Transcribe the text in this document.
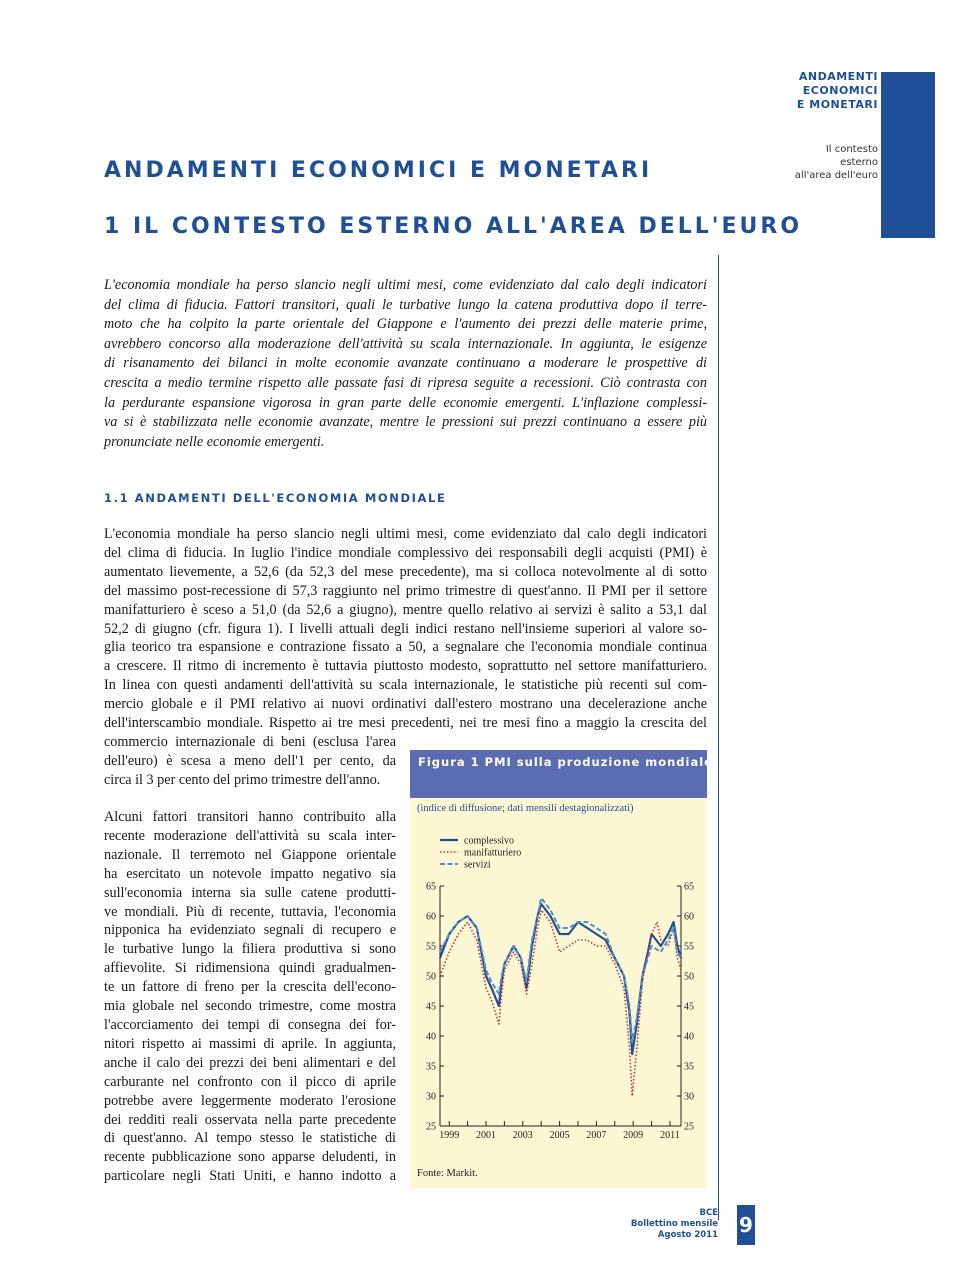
ANDAMENTI
ECONOMICI
E MONETARI
Il contesto
esterno
all'area dell'euro
ANDAMENTI ECONOMICI E MONETARI
1 IL CONTESTO ESTERNO ALL'AREA DELL'EURO
L'economia mondiale ha perso slancio negli ultimi mesi, come evidenziato dal calo degli indicatori
del clima di fiducia. Fattori transitori, quali le turbative lungo la catena produttiva dopo il terre-
moto che ha colpito la parte orientale del Giappone e l'aumento dei prezzi delle materie prime,
avrebbero concorso alla moderazione dell'attività su scala internazionale. In aggiunta, le esigenze
di risanamento dei bilanci in molte economie avanzate continuano a moderare le prospettive di
crescita a medio termine rispetto alle passate fasi di ripresa seguite a recessioni. Ciò contrasta con
la perdurante espansione vigorosa in gran parte delle economie emergenti. L'inflazione complessi-
va si è stabilizzata nelle economie avanzate, mentre le pressioni sui prezzi continuano a essere più
pronunciate nelle economie emergenti.
1.1 ANDAMENTI DELL'ECONOMIA MONDIALE
L'economia mondiale ha perso slancio negli ultimi mesi, come evidenziato dal calo degli indicatori
del clima di fiducia. In luglio l'indice mondiale complessivo dei responsabili degli acquisti (PMI) è
aumentato lievemente, a 52,6 (da 52,3 del mese precedente), ma si colloca notevolmente al di sotto
del massimo post-recessione di 57,3 raggiunto nel primo trimestre di quest'anno. Il PMI per il settore
manifatturiero è sceso a 51,0 (da 52,6 a giugno), mentre quello relativo ai servizi è salito a 53,1 dal
52,2 di giugno (cfr. figura 1). I livelli attuali degli indici restano nell'insieme superiori al valore so-
glia teorico tra espansione e contrazione fissato a 50, a segnalare che l'economia mondiale continua
a crescere. Il ritmo di incremento è tuttavia piuttosto modesto, soprattutto nel settore manifatturiero.
In linea con questi andamenti dell'attività su scala internazionale, le statistiche più recenti sul com-
mercio globale e il PMI relativo ai nuovi ordinativi dall'estero mostrano una decelerazione anche
dell'interscambio mondiale. Rispetto ai tre mesi precedenti, nei tre mesi fino a maggio la crescita del
commercio internazionale di beni (esclusa l'area
dell'euro) è scesa a meno dell'1 per cento, da
circa il 3 per cento del primo trimestre dell'anno.
Alcuni fattori transitori hanno contribuito alla
recente moderazione dell'attività su scala inter-
nazionale. Il terremoto nel Giappone orientale
ha esercitato un notevole impatto negativo sia
sull'economia interna sia sulle catene produtti-
ve mondiali. Più di recente, tuttavia, l'economia
nipponica ha evidenziato segnali di recupero e
le turbative lungo la filiera produttiva si sono
affievolite. Si ridimensiona quindi gradualmen-
te un fattore di freno per la crescita dell'econo-
mia globale nel secondo trimestre, come mostra
l'accorciamento dei tempi di consegna dei for-
nitori rispetto ai massimi di aprile. In aggiunta,
anche il calo dei prezzi dei beni alimentari e del
carburante nel confronto con il picco di aprile
potrebbe avere leggermente moderato l'erosione
dei redditi reali osservata nella parte precedente
di quest'anno. Al tempo stesso le statistiche di
recente pubblicazione sono apparse deludenti, in
particolare negli Stati Uniti, e hanno indotto a
Figura 1 PMI sulla produzione mondiale
(indice di diffusione; dati mensili destagionalizzati)
25	25
30	30
35	35
40	40
45	45
50	50
55	55
60	60
65	65
1999 2001 2003 2005 2007 2009 2011
complessivo
manifatturiero
servizi
Fonte: Markit.
BCE
Bollettino mensile
Agosto 2011 9
